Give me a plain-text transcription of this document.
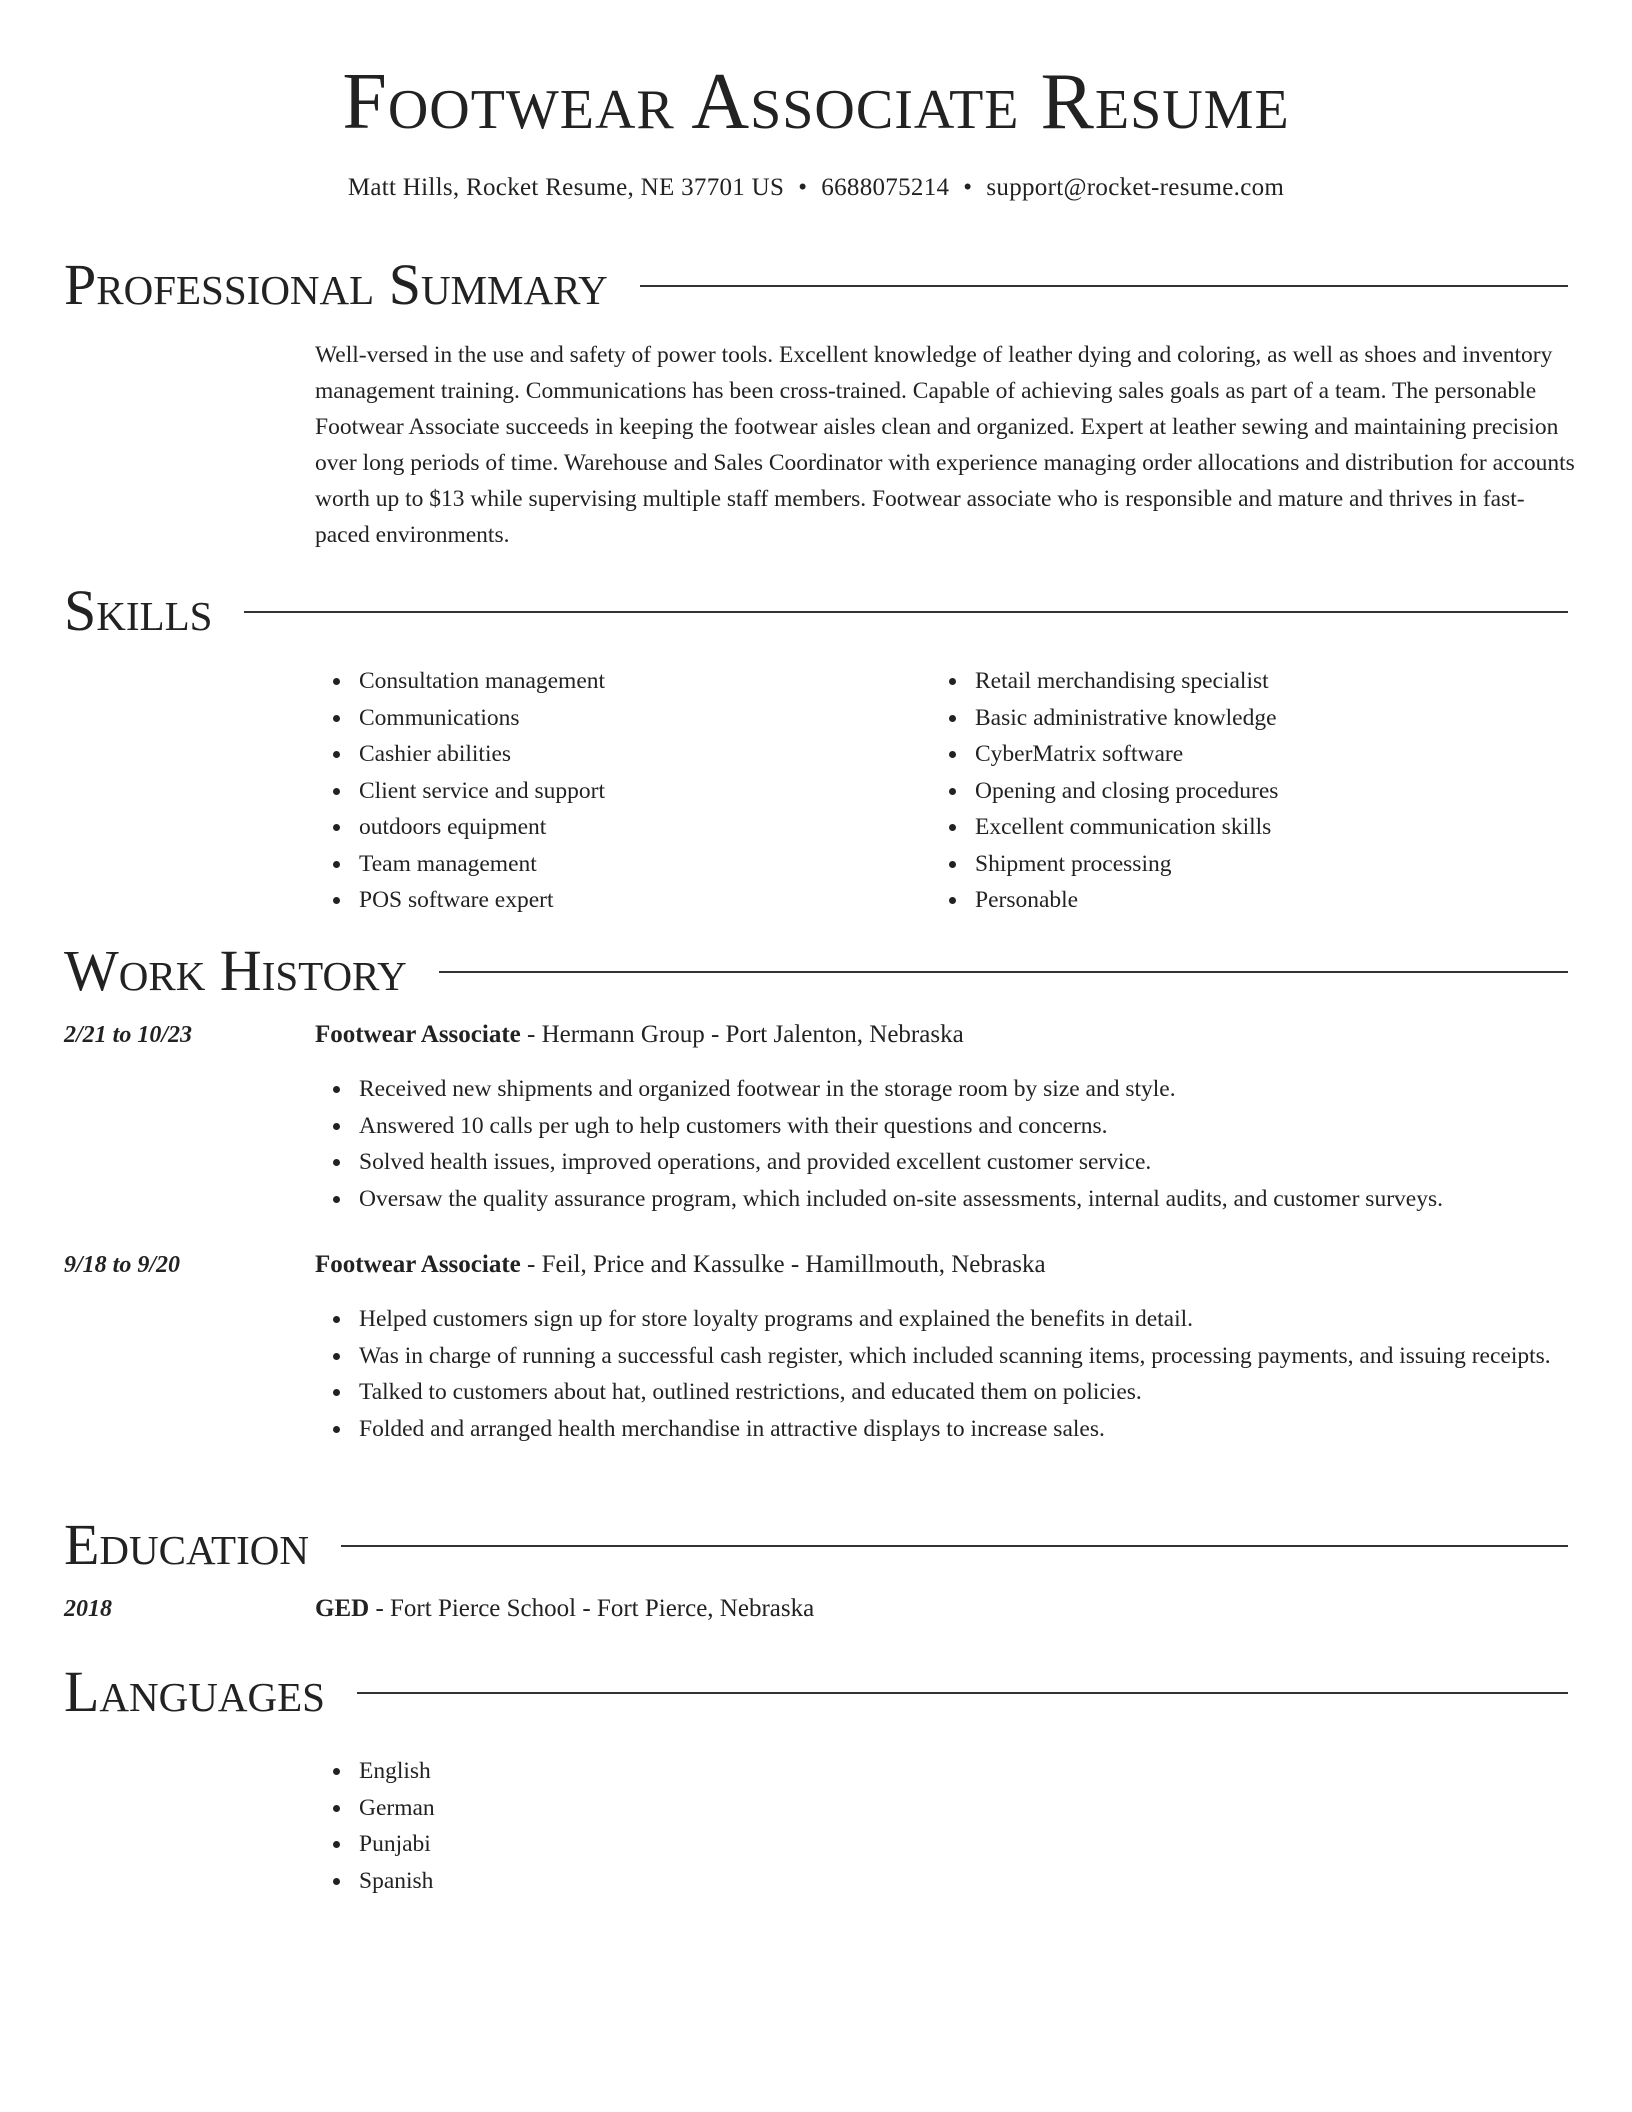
Footwear Associate Resume
Matt Hills, Rocket Resume, NE 37701 US • 6688075214 • support@rocket-resume.com
Professional Summary

Well-versed in the use and safety of power tools. Excellent knowledge of leather dying and coloring, as well as shoes and inventory management training. Communications has been cross-trained. Capable of achieving sales goals as part of a team. The personable Footwear Associate succeeds in keeping the footwear aisles clean and organized. Expert at leather sewing and maintaining precision over long periods of time. Warehouse and Sales Coordinator with experience managing order allocations and distribution for accounts worth up to $13 while supervising multiple staff members. Footwear associate who is responsible and mature and thrives in fast-paced environments.

Skills
Consultation management
Communications
Cashier abilities
Client service and support
outdoors equipment
Team management
POS software expert
Retail merchandising specialist
Basic administrative knowledge
CyberMatrix software
Opening and closing procedures
Excellent communication skills
Shipment processing
Personable
Work History
2/21 to 10/23	Footwear Associate - Hermann Group - Port Jalenton, Nebraska
Received new shipments and organized footwear in the storage room by size and style.
Answered 10 calls per ugh to help customers with their questions and concerns.
Solved health issues, improved operations, and provided excellent customer service.
Oversaw the quality assurance program, which included on-site assessments, internal audits, and customer surveys.
9/18 to 9/20	Footwear Associate - Feil, Price and Kassulke - Hamillmouth, Nebraska
Helped customers sign up for store loyalty programs and explained the benefits in detail.
Was in charge of running a successful cash register, which included scanning items, processing payments, and issuing receipts.
Talked to customers about hat, outlined restrictions, and educated them on policies.
Folded and arranged health merchandise in attractive displays to increase sales.
Education
2018	GED - Fort Pierce School - Fort Pierce, Nebraska
Languages
English
German
Punjabi
Spanish
